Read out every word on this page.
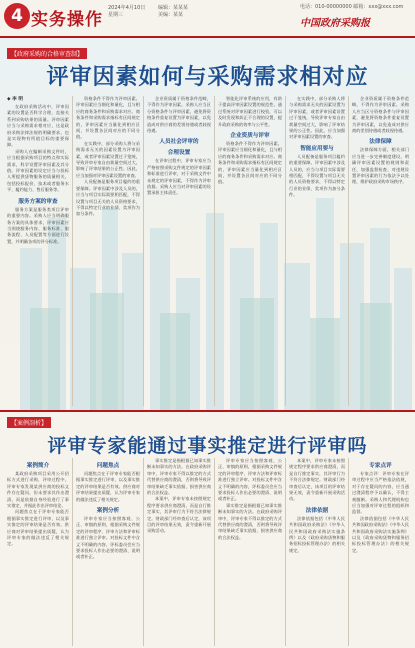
4 实务操作
2024年4月10日
星期三
编辑：某某某
美编：某某
电话：010-00000000 邮箱：xxx@xxx.com
中国政府采购报
【政府采购的合格审查制】
评审因素如何与采购需求相对应
◆ 李 明
在政府采购活动中，评审因素的设置是否科学合理，直接关系到采购结果的质量。评审因素应当与采购需求相对应，这是政府采购法律法规的明确要求，也是实现物有所值目标的重要保障。
采购人在编制采购文件时，应当根据采购项目的特点和实际需求，科学设置评审因素及其分值。评审因素的设定应当与投标人所提供货物服务的质量相关，包括投标报价、技术或者服务水平、履约能力、售后服务等。
服务方案的审查
服务方案是服务类项目评审的重要内容。采购人应当明确服务方案的具体要求，评审因素应当围绕服务内容、服务标准、服务流程、人员配置等方面进行设置，并明确各项的评分标准。
资格条件不得作为评审因素。评审因素应当细化和量化，且与相应的商务条件和采购需求对应。商务条件和采购需求指标有区间规定的，评审因素应当量化到相应区间，并设置各区间对应的不同分值。
在实践中，部分采购人将与采购需求无关的因素设置为评审因素，或者评审因素设置过于笼统，导致评审专家自由裁量空间过大，影响了评审结果的公正性。因此，应当加强对评审因素设置的审查。
人员配备是服务项目履约的重要保障。评审因素中涉及人员的，应当与项目实际需要相匹配，不得设置与项目无关的人员资格要求，不得以特定行业的业绩、奖项作为加分条件。
企业资质属于资格条件范畴，不得作为评审因素。采购人应当区分资格条件与评审因素，避免将资格条件重复设置为评审因素，以免造成对供应商的差别待遇或者歧视待遇。
人员社会评审的
合理设置
在评审过程中，评审专家应当严格按照采购文件规定的评审因素和标准进行评审，对于采购文件中未规定的评审因素，不得作为评审依据。采购人应当对评审因素的设置承担主体责任。
智能化评审系统的应用，有助于提高评审因素设置的规范性。通过系统对评审因素进行校验，可以及时发现和纠正不合理的设置，提升政府采购的效率与公平性。
企业资质与评审
资格条件不得作为评审因素。评审因素应当细化和量化，且与相应的商务条件和采购需求对应。商务条件和采购需求指标有区间规定的，评审因素应当量化到相应区间，并设置各区间对应的不同分值。
在实践中，部分采购人将与采购需求无关的因素设置为评审因素，或者评审因素设置过于笼统，导致评审专家自由裁量空间过大，影响了评审结果的公正性。因此，应当加强对评审因素设置的审查。
智能应用要与
人员配备是服务项目履约的重要保障。评审因素中涉及人员的，应当与项目实际需要相匹配，不得设置与项目无关的人员资格要求，不得以特定行业的业绩、奖项作为加分条件。
企业资质属于资格条件范畴，不得作为评审因素。采购人应当区分资格条件与评审因素，避免将资格条件重复设置为评审因素，以免造成对供应商的差别待遇或者歧视待遇。
法律保障
法律保障方面，相关部门应当进一步完善制度建设，明确评审因素设置的规则和责任，加强监督检查，对违规设置评审因素的行为依法予以处理，维护政府采购市场秩序。
【案例剖析】
评审专家能通过事实推定进行评审吗
案例简介
某政府采购项目采用公开招标方式进行采购，评审过程中，评审专家发现某供应商的投标文件存在疑问，但未要求其作出澄清，而是依据自身经验进行了事实推定，并据此作出评审结论。
问题焦点在于评审专家能否根据事实推定进行评审，以及事实推定的评审结果是否有效。供应商对评审结果提出质疑，认为评审专家的做法违反了相关规定。
问题焦点
问题焦点在于评审专家能否根据事实推定进行评审，以及事实推定的评审结果是否有效。供应商对评审结果提出质疑，认为评审专家的做法违反了相关规定。
案例分析
评审专家应当按照客观、公正、审慎的原则，根据采购文件规定的评审程序、评审方法和评审标准进行独立评审。对投标文件中含义不明确的内容，评标委员会应当要求投标人作出必要的澄清、说明或者补正。
事实推定是指根据已知事实推断未知事实的方法。在政府采购评审中，评审专家不得以推定的方式代替供应商的澄清，否则将导致评审结果缺乏事实依据，损害供应商的合法权益。
本案中，评审专家未按照规定程序要求供应商澄清，而是自行推定事实，其评审行为不符合法律规定。财政部门经审查后认定，该项目的评审结果无效，责令重新开展采购活动。
评审专家应当按照客观、公正、审慎的原则，根据采购文件规定的评审程序、评审方法和评审标准进行独立评审。对投标文件中含义不明确的内容，评标委员会应当要求投标人作出必要的澄清、说明或者补正。
事实推定是指根据已知事实推断未知事实的方法。在政府采购评审中，评审专家不得以推定的方式代替供应商的澄清，否则将导致评审结果缺乏事实依据，损害供应商的合法权益。
本案中，评审专家未按照规定程序要求供应商澄清，而是自行推定事实，其评审行为不符合法律规定。财政部门经审查后认定，该项目的评审结果无效，责令重新开展采购活动。
法律依据
法律依据包括《中华人民共和国政府采购法》《中华人民共和国政府采购法实施条例》以及《政府采购货物和服务招标投标管理办法》的相关规定。
专家点评
专家点评：评审专家在评审过程中应当严格依法依规，对于存在疑问的内容，应当通过澄清程序予以确认，不得主观臆断。采购人和代理机构也应当加强对评审过程的组织和监督。
法律依据包括《中华人民共和国政府采购法》《中华人民共和国政府采购法实施条例》以及《政府采购货物和服务招标投标管理办法》的相关规定。
